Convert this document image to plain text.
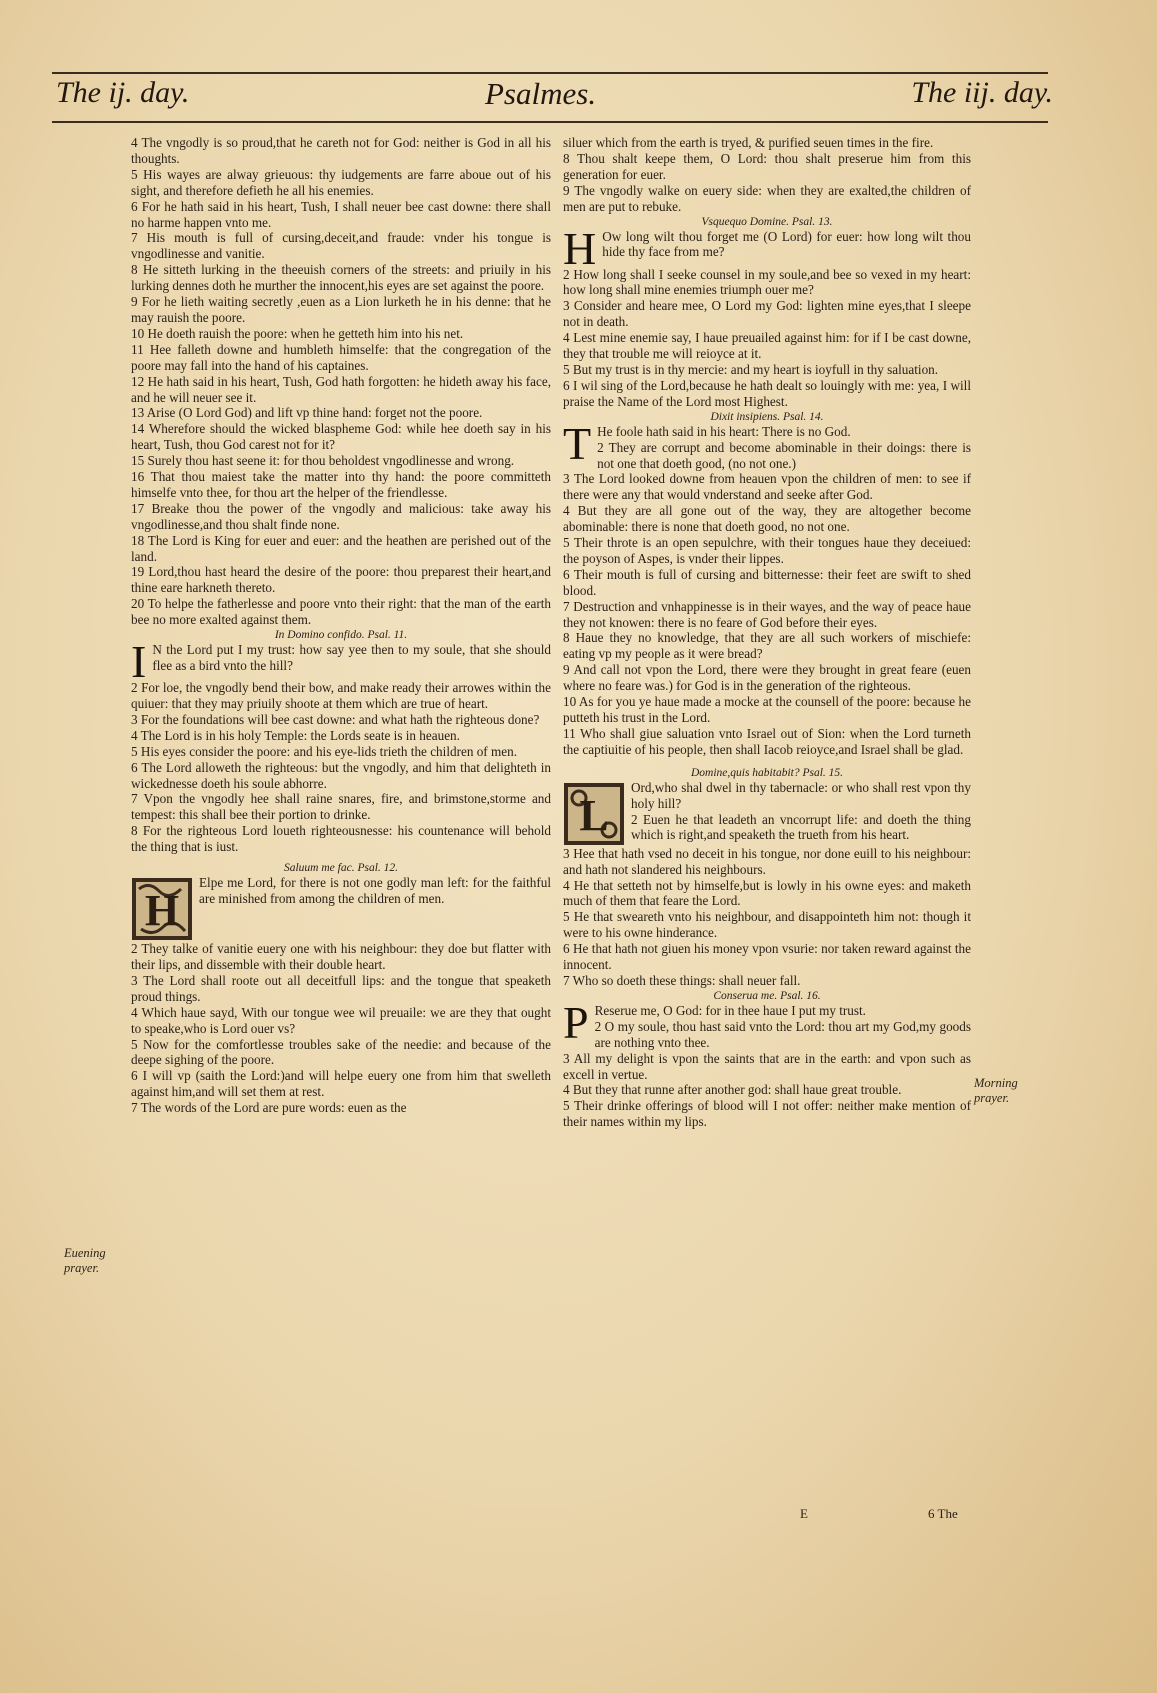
The ij. day.	Psalmes.	The iij. day.

4 The vngodly is so proud,that he careth not for God: neither is God in all his thoughts.

5 His wayes are alway grieuous: thy iudgements are farre aboue out of his sight, and therefore defieth he all his enemies.

6 For he hath said in his heart, Tush, I shall neuer bee cast downe: there shall no harme happen vnto me.

7 His mouth is full of cursing,deceit,and fraude: vnder his tongue is vngodlinesse and vanitie.

8 He sitteth lurking in the theeuish corners of the streets: and priuily in his lurking dennes doth he murther the innocent,his eyes are set against the poore.

9 For he lieth waiting secretly ,euen as a Lion lurketh he in his denne: that he may rauish the poore.

10 He doeth rauish the poore: when he getteth him into his net.

11 Hee falleth downe and humbleth himselfe: that the congregation of the poore may fall into the hand of his captaines.

12 He hath said in his heart, Tush, God hath forgotten: he hideth away his face, and he will neuer see it.

13 Arise (O Lord God) and lift vp thine hand: forget not the poore.

14 Wherefore should the wicked blaspheme God: while hee doeth say in his heart, Tush, thou God carest not for it?

15 Surely thou hast seene it: for thou beholdest vngodlinesse and wrong.

16 That thou maiest take the matter into thy hand: the poore committeth himselfe vnto thee, for thou art the helper of the friendlesse.

17 Breake thou the power of the vngodly and malicious: take away his vngodlinesse,and thou shalt finde none.

18 The Lord is King for euer and euer: and the heathen are perished out of the land.

19 Lord,thou hast heard the desire of the poore: thou preparest their heart,and thine eare harkneth thereto.

20 To helpe the fatherlesse and poore vnto their right: that the man of the earth bee no more exalted against them.

In Domino confido. Psal. 11.

I N the Lord put I my trust: how say yee then to my soule, that she should flee as a bird vnto the hill?

2 For loe, the vngodly bend their bow, and make ready their arrowes within the quiuer: that they may priuily shoote at them which are true of heart.

3 For the foundations will bee cast downe: and what hath the righteous done?

4 The Lord is in his holy Temple: the Lords seate is in heauen.

5 His eyes consider the poore: and his eye-lids trieth the children of men.

6 The Lord alloweth the righteous: but the vngodly, and him that delighteth in wickednesse doeth his soule abhorre.

7 Vpon the vngodly hee shall raine snares, fire, and brimstone,storme and tempest: this shall bee their portion to drinke.

8 For the righteous Lord loueth righteousnesse: his countenance will behold the thing that is iust.

Saluum me fac. Psal. 12.

H

Elpe me Lord, for there is not one godly man left: for the faithful are minished from among the children of men.

2 They talke of vanitie euery one with his neighbour: they doe but flatter with their lips, and dissemble with their double heart.

3 The Lord shall roote out all deceitfull lips: and the tongue that speaketh proud things.

4 Which haue sayd, With our tongue wee wil preuaile: we are they that ought to speake,who is Lord ouer vs?

5 Now for the comfortlesse troubles sake of the needie: and because of the deepe sighing of the poore.

6 I will vp (saith the Lord:)and will helpe euery one from him that swelleth against him,and will set them at rest.

7 The words of the Lord are pure words: euen as the

siluer which from the earth is tryed, & purified seuen times in the fire.

8 Thou shalt keepe them, O Lord: thou shalt preserue him from this generation for euer.

9 The vngodly walke on euery side: when they are exalted,the children of men are put to rebuke.

Vsquequo Domine. Psal. 13.

H Ow long wilt thou forget me (O Lord) for euer: how long wilt thou hide thy face from me?

2 How long shall I seeke counsel in my soule,and bee so vexed in my heart: how long shall mine enemies triumph ouer me?

3 Consider and heare mee, O Lord my God: lighten mine eyes,that I sleepe not in death.

4 Lest mine enemie say, I haue preuailed against him: for if I be cast downe, they that trouble me will reioyce at it.

5 But my trust is in thy mercie: and my heart is ioyfull in thy saluation.

6 I wil sing of the Lord,because he hath dealt so louingly with me: yea, I will praise the Name of the Lord most Highest.

Dixit insipiens. Psal. 14.

T He foole hath said in his heart: There is no God.

2 They are corrupt and become abominable in their doings: there is not one that doeth good, (no not one.)

3 The Lord looked downe from heauen vpon the children of men: to see if there were any that would vnderstand and seeke after God.

4 But they are all gone out of the way, they are altogether become abominable: there is none that doeth good, no not one.

5 Their throte is an open sepulchre, with their tongues haue they deceiued: the poyson of Aspes, is vnder their lippes.

6 Their mouth is full of cursing and bitternesse: their feet are swift to shed blood.

7 Destruction and vnhappinesse is in their wayes, and the way of peace haue they not knowen: there is no feare of God before their eyes.

8 Haue they no knowledge, that they are all such workers of mischiefe: eating vp my people as it were bread?

9 And call not vpon the Lord, there were they brought in great feare (euen where no feare was.) for God is in the generation of the righteous.

10 As for you ye haue made a mocke at the counsell of the poore: because he putteth his trust in the Lord.

11 Who shall giue saluation vnto Israel out of Sion: when the Lord turneth the captiuitie of his people, then shall Iacob reioyce,and Israel shall be glad.

Domine,quis habitabit? Psal. 15.

L

Ord,who shal dwel in thy tabernacle: or who shall rest vpon thy holy hill?

2 Euen he that leadeth an vncorrupt life: and doeth the thing which is right,and speaketh the trueth from his heart.

3 Hee that hath vsed no deceit in his tongue, nor done euill to his neighbour: and hath not slandered his neighbours.

4 He that setteth not by himselfe,but is lowly in his owne eyes: and maketh much of them that feare the Lord.

5 He that sweareth vnto his neighbour, and disappointeth him not: though it were to his owne hinderance.

6 He that hath not giuen his money vpon vsurie: nor taken reward against the innocent.

7 Who so doeth these things: shall neuer fall.

Conserua me. Psal. 16.

P Reserue me, O God: for in thee haue I put my trust.

2 O my soule, thou hast said vnto the Lord: thou art my God,my goods are nothing vnto thee.

3 All my delight is vpon the saints that are in the earth: and vpon such as excell in vertue.

4 But they that runne after another god: shall haue great trouble.

5 Their drinke offerings of blood will I not offer: neither make mention of their names within my lips.

Euening prayer.
Morning prayer.
E	6 The
